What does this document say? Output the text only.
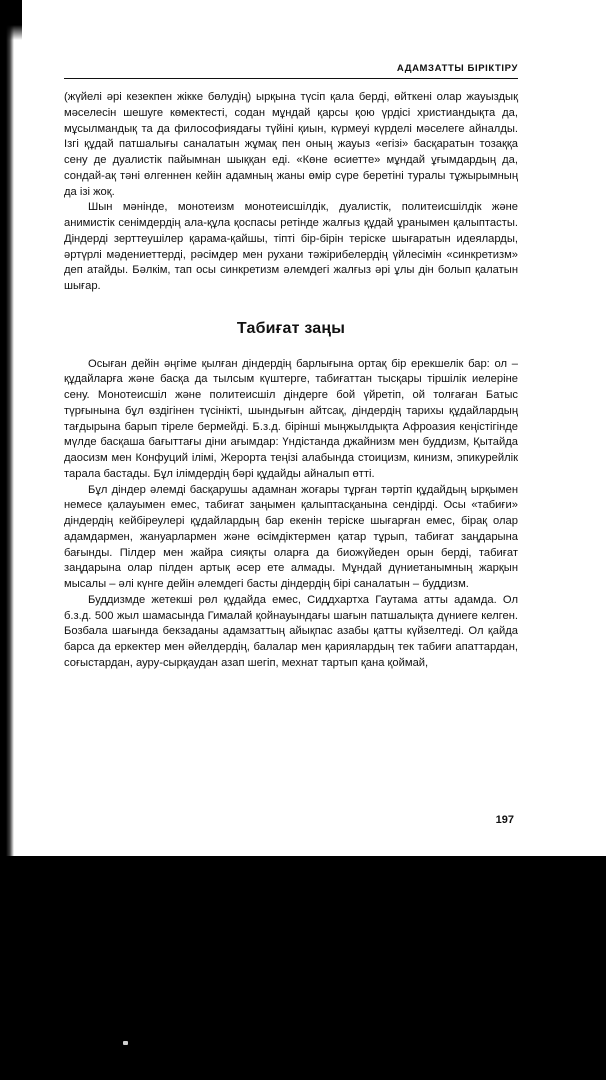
АДАМЗАТТЫ БІРІКТІРУ

(жүйелі әрі кезекпен жікке бөлудің) ырқына түсіп қала берді, өйткені олар жауыздық мәселесін шешуге көмектесті, содан мұндай қарсы қою үрдісі христиандықта да, мұсылмандық та да философиядағы түйіні қиын, күрмеуі күрделі мәселеге айналды. Ізгі құдай патшалығы саналатын жұмақ пен оның жауыз «егізі» басқаратын тозаққа сену де дуалистік пайымнан шыққан еді. «Көне өсиетте» мұндай ұғымдардың да, сондай-ақ тәні өлгеннен кейін адамның жаны өмір сүре беретіні туралы тұжырымның да ізі жоқ.

Шын мәнінде, монотеизм монотеисшілдік, дуалистік, политеисшілдік және анимистік сенімдердің ала-құла қоспасы ретінде жалғыз құдай ұранымен қалыптасты. Діндерді зерттеушілер қарама-қайшы, тіпті бір-бірін теріске шығаратын идеяларды, әртүрлі мәдениеттерді, рәсімдер мен рухани тәжірибелердің үйлесімін «синкретизм» деп атайды. Бәлкім, тап осы синкретизм әлемдегі жалғыз әрі ұлы дін болып қалатын шығар.

Табиғат заңы

Осыған дейін әңгіме қылған діндердің барлығына ортақ бір ерекшелік бар: ол – құдайларға және басқа да тылсым күштерге, табиғаттан тысқары тіршілік иелеріне сену. Монотеисшіл және политеисшіл діндерге бой үйретіп, ой толғаған Батыс түрғынына бұл өздігінен түсінікті, шындығын айтсақ, діндердің тарихы құдайлардың тағдырына барып тіреле бермейді. Б.з.д. бірінші мыңжылдықта Афроазия кеңістігінде мүлде басқаша бағыттағы діни ағымдар: Үндістанда джайнизм мен буддизм, Қытайда даосизм мен Конфуций ілімі, Жерорта теңізі алабында стоицизм, кинизм, эпикурейлік тарала бастады. Бұл ілімдердің бәрі құдайды айналып өтті.

Бұл діндер әлемді басқарушы адамнан жоғары тұрған тәртіп құдайдың ырқымен немесе қалауымен емес, табиғат заңымен қалыптасқанына сендірді. Осы «табиғи» діндердің кейбіреулері құдайлардың бар екенін теріске шығарған емес, бірақ олар адамдармен, жануарлармен және өсімдіктермен қатар тұрып, табиғат заңдарына бағынды. Пілдер мен жайра сияқты оларға да биожүйеден орын берді, табиғат заңдарына олар пілден артық әсер ете алмады. Мұндай дүниетанымның жарқын мысалы – әлі күнге дейін әлемдегі басты діндердің бірі саналатын – буддизм.

Буддизмде жетекші рөл құдайда емес, Сиддхартха Гаутама атты адамда. Ол б.з.д. 500 жыл шамасында Гималай қойнауындағы шағын патшалықта дүниеге келген. Бозбала шағында бекзаданы адамзаттың айықпас азабы қатты күйзелтеді. Ол қайда барса да еркектер мен әйелдердің, балалар мен қариялардың тек табиғи апаттардан, соғыстардан, ауру-сырқаудан азап шегіп, мехнат тартып қана қоймай,

197
